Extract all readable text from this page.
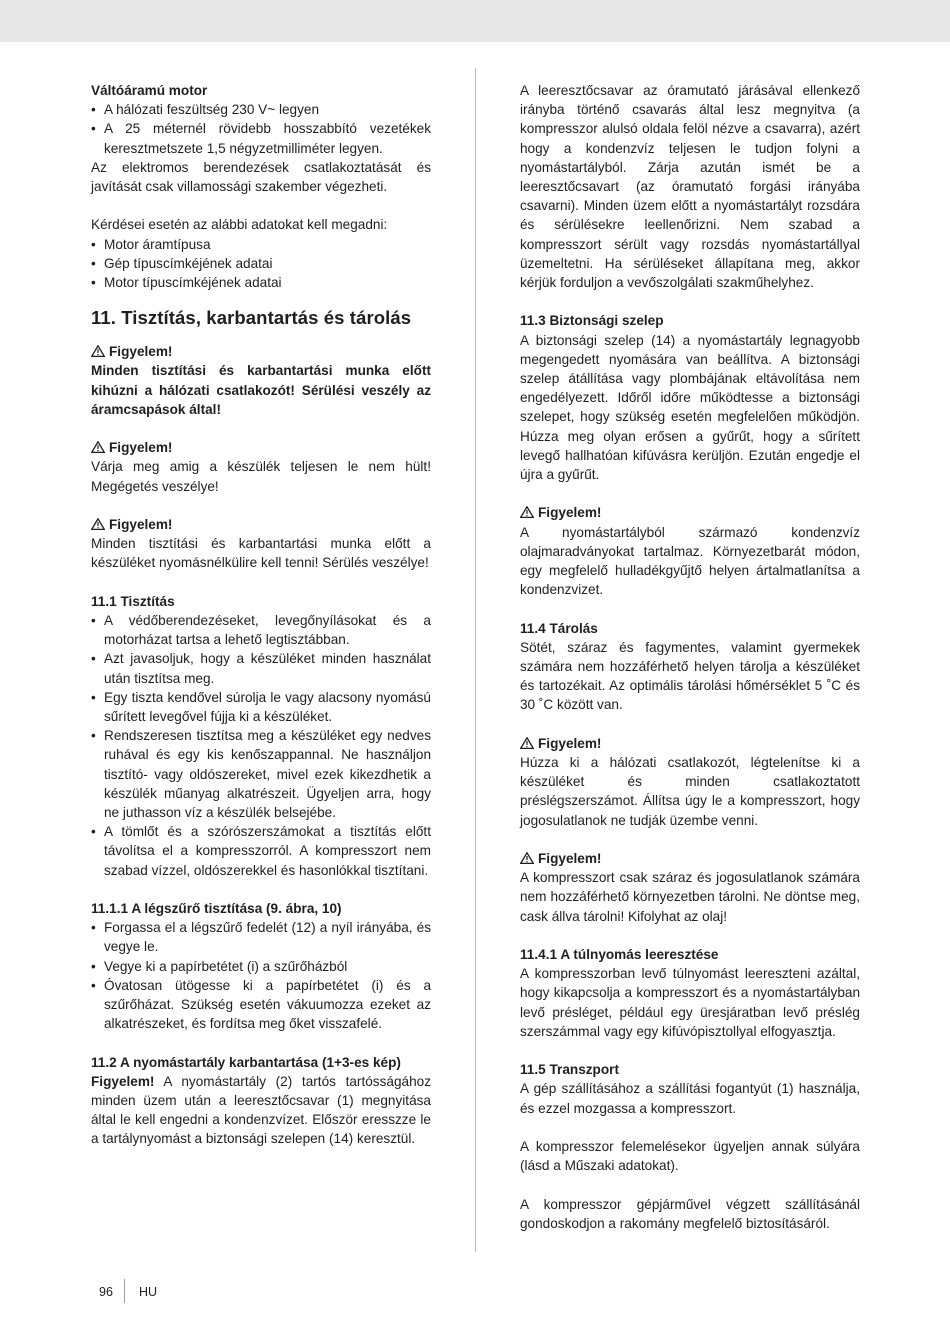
Váltóáramú motor
• A hálózati feszültség 230 V~ legyen
• A 25 méternél rövidebb hosszabbító vezetékek keresztmetszete 1,5 négyzetmilliméter legyen.
Az elektromos berendezések csatlakoztatását és javítását csak villamossági szakember végezheti.
Kérdései esetén az alábbi adatokat kell megadni:
• Motor áramtípusa
• Gép típuscímkéjének adatai
• Motor típuscímkéjének adatai
11. Tisztítás, karbantartás és tárolás
Figyelem!
Minden tisztítási és karbantartási munka előtt kihúzni a hálózati csatlakozót! Sérülési veszély az áramcsapások által!
Figyelem!
Várja meg amig a készülék teljesen le nem hült! Megégetés veszélye!
Figyelem!
Minden tisztítási és karbantartási munka előtt a készüléket nyomásnélkülire kell tenni! Sérülés veszélye!
11.1 Tisztítás
• A védőberendezéseket, levegőnyílásokat és a motorházat tartsa a lehető legtisztábban.
• Azt javasoljuk, hogy a készüléket minden használat után tisztítsa meg.
• Egy tiszta kendővel súrolja le vagy alacsony nyomású sűrített levegővel fújja ki a készüléket.
• Rendszeresen tisztítsa meg a készüléket egy nedves ruhával és egy kis kenőszappannal. Ne használjon tisztító- vagy oldószereket, mivel ezek kikezdhetik a készülék műanyag alkatrészeit. Ügyeljen arra, hogy ne juthasson víz a készülék belsejébe.
• A tömlőt és a szórószerszámokat a tisztítás előtt távolítsa el a kompresszorról. A kompresszort nem szabad vízzel, oldószerekkel és hasonlókkal tisztítani.
11.1.1 A légszűrő tisztítása (9. ábra, 10)
• Forgassa el a légszűrő fedelét (12) a nyíl irányába, és vegye le.
• Vegye ki a papírbetétet (i) a szűrőházból
• Óvatosan ütögesse ki a papírbetétet (i) és a szűrőházat. Szükség esetén vákuumozza ezeket az alkatrészeket, és fordítsa meg őket visszafelé.
11.2 A nyomástartály karbantartása (1+3-es kép)
Figyelem! A nyomástartály (2) tartós tartósságához minden üzem után a leeresztőcsavar (1) megnyitása által le kell engedni a kondenzvízet. Először eresszze le a tartálynyomást a biztonsági szelepen (14) keresztül.
A leeresztőcsavar az óramutató járásával ellenkező irányba történő csavarás által lesz megnyitva (a kompresszor alulsó oldala felöl nézve a csavarra), azért hogy a kondenzvíz teljesen le tudjon folyni a nyomástartályból. Zárja azután ismét be a leeresztőcsavart (az óramutató forgási irányába csavarni). Minden üzem előtt a nyomástartályt rozsdára és sérülésekre leellenőrizni. Nem szabad a kompresszort sérült vagy rozsdás nyomástartállyal üzemeltetni. Ha sérüléseket állapítana meg, akkor kérjük forduljon a vevőszolgálati szakműhelyhez.
11.3 Biztonsági szelep
A biztonsági szelep (14) a nyomástartály legnagyobb megengedett nyomására van beállítva. A biztonsági szelep átállítása vagy plombájának eltávolítása nem engedélyezett. Időről időre működtesse a biztonsági szelepet, hogy szükség esetén megfelelően működjön. Húzza meg olyan erősen a gyűrűt, hogy a sűrített levegő hallhatóan kifúvásra kerüljön. Ezután engedje el újra a gyűrűt.
Figyelem!
A nyomástartályból származó kondenzvíz olajmaradványokat tartalmaz. Környezetbarát módon, egy megfelelő hulladékgyűjtő helyen ártalmatlanítsa a kondenzvizet.
11.4 Tárolás
Sötét, száraz és fagymentes, valamint gyermekek számára nem hozzáférhető helyen tárolja a készüléket és tartozékait. Az optimális tárolási hőmérséklet 5 ˚C és 30 ˚C között van.
Figyelem!
Húzza ki a hálózati csatlakozót, légtelenítse ki a készüléket és minden csatlakoztatott préslégszerszámot. Állítsa úgy le a kompresszort, hogy jogosulatlanok ne tudják üzembe venni.
Figyelem!
A kompresszort csak száraz és jogosulatlanok számára nem hozzáférhető környezetben tárolni. Ne döntse meg, cask állva tárolni! Kifolyhat az olaj!
11.4.1 A túlnyomás leeresztése
A kompresszorban levő túlnyomást leereszteni azáltal, hogy kikapcsolja a kompresszort és a nyomástartályban levő présléget, például egy üresjáratban levő préslég szerszámmal vagy egy kifúvópisztollyal elfogyasztja.
11.5 Transzport
A gép szállításához a szállítási fogantyút (1) használja, és ezzel mozgassa a kompresszort.
A kompresszor felemelésekor ügyeljen annak súlyára (lásd a Műszaki adatokat).
A kompresszor gépjárművel végzett szállításánál gondoskodjon a rakomány megfelelő biztosításáról.
96 HU
